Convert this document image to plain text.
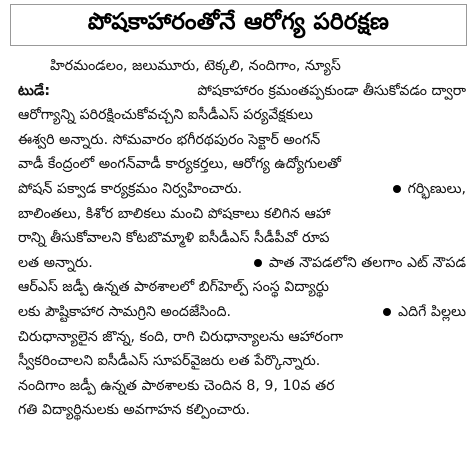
పోషకాహారంతోనే ఆరోగ్య పరిరక్షణ
హిరమండలం, జలుమూరు, టెక్కలి, నందిగాం, న్యూస్
టుడే:	పోషకాహారం క్రమంతప్పకుండా తీసుకోవడం ద్వారా
ఆరోగ్యాన్ని పరిరక్షించుకోవచ్చని ఐసీడీఎస్ పర్యవేక్షకులు
ఈశ్వరి అన్నారు. సోమవారం భగీరథపురం సెక్టార్ అంగన్
వాడీ కేంద్రంలో అంగన్‌వాడీ కార్యకర్తలు, ఆరోగ్య ఉద్యోగులతో
పోషన్ పక్వాడ కార్యక్రమం నిర్వహించారు.	గర్భిణులు,
బాలింతలు, కిశోర బాలికలు మంచి పోషకాలు కలిగిన ఆహా
రాన్ని తీసుకోవాలని కోటబొమ్మాళి ఐసీడీఎస్ సీడీపీవో రూప
లత అన్నారు.	పాత నౌపడలోని తలగాం ఎట్ నౌపడ
ఆర్ఎస్ జడ్పీ ఉన్నత పాఠశాలలో బిగ్‌హెల్ప్ సంస్థ విద్యార్థు
లకు పౌష్టికాహార సామగ్రిని అందజేసింది.	ఎదిగే పిల్లలు
చిరుధాన్యాలైన జొన్న, కంది, రాగి చిరుధాన్యాలను ఆహారంగా
స్వీకరించాలని ఐసీడీఎస్ సూపర్‌వైజరు లత పేర్కొన్నారు.
నందిగాం జడ్పీ ఉన్నత పాఠశాలకు చెందిన 8, 9, 10వ తర
గతి విద్యార్థినులకు అవగాహన కల్పించారు.
